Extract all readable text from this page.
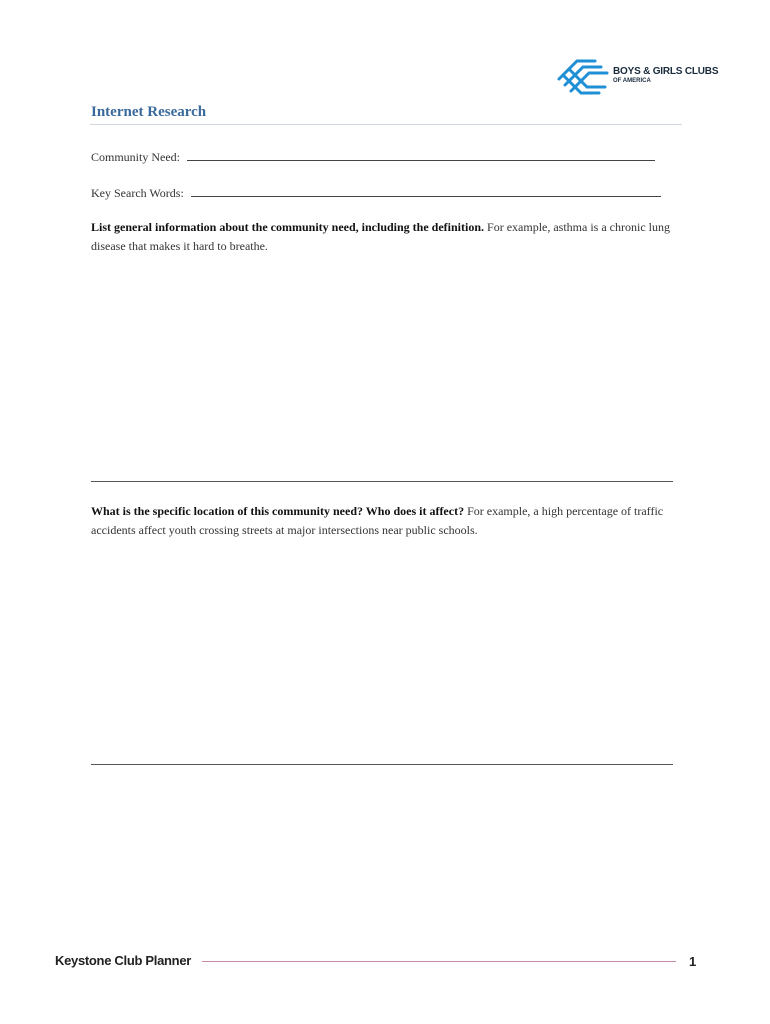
BOYS & GIRLS CLUBS
OF AMERICA
Internet Research
Community Need:
Key Search Words:

List general information about the community need, including the definition. For example, asthma is a chronic lung disease that makes it hard to breathe.

What is the specific location of this community need? Who does it affect? For example, a high percentage of traffic accidents affect youth crossing streets at major intersections near public schools.

Keystone Club Planner	1
